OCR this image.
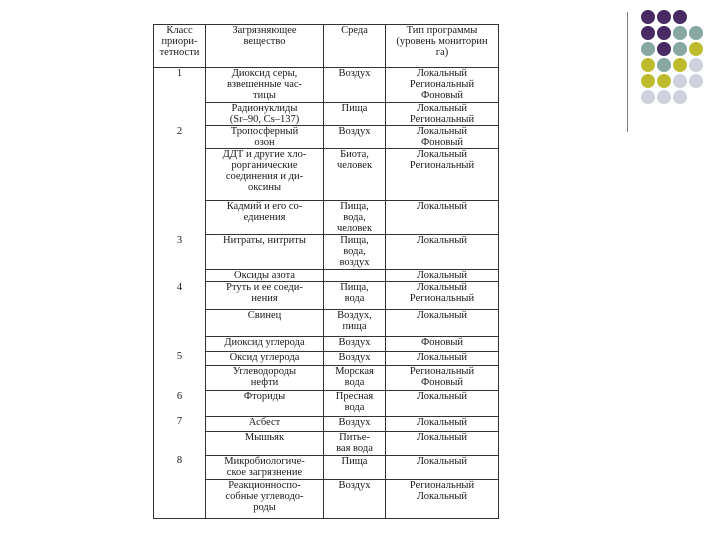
Класс
приори-
тетности	Загрязняющее
вещество	Среда	Тип программы
(уровень мониторин
га)
1	Диоксид серы,
взвешенные час-
тицы	Воздух	Локальный
Региональный
Фоновый
	Радионуклиды
(Sr–90, Cs–137)	Пища	Локальный
Региональный
2	Тропосферный
озон	Воздух	Локальный
Фоновый
	ДДТ и другие хло-
рорганические
соединения и ди-
оксины	Биота,
человек	Локальный
Региональный
	Кадмий и его со-
единения	Пища,
вода,
человек	Локальный
3	Нитраты, нитриты	Пища,
вода,
воздух	Локальный
	Оксиды азота		Локальный
4	Ртуть и ее соеди-
нения	Пища,
вода	Локальный
Региональный
	Свинец	Воздух,
пища	Локальный
	Диоксид углерода	Воздух	Фоновый
5	Оксид углерода	Воздух	Локальный
	Углеводороды
нефти	Морская
вода	Региональный
Фоновый
6	Фториды	Пресная
вода	Локальный
7	Асбест	Воздух	Локальный
	Мышьяк	Питье-
вая вода	Локальный
8	Микробиологиче-
ское загрязнение	Пища	Локальный
	Реакционноспо-
собные углеводо-
роды	Воздух	Региональный
Локальный
